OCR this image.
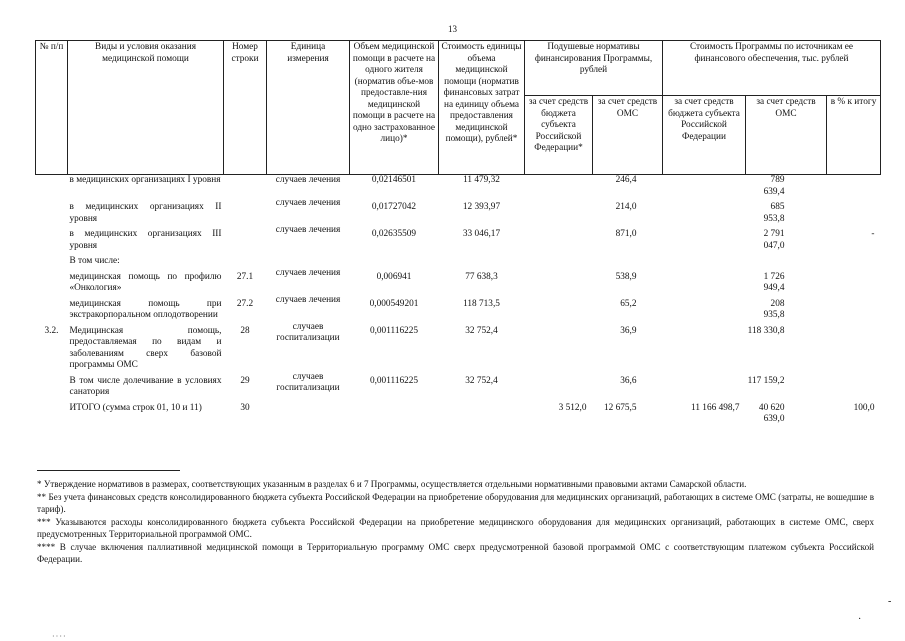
13
№ п/п	Виды и условия оказания медицинской помощи	Номер строки	Единица измерения	Объем медицинской помощи в расчете на одного жителя (норматив объе-мов предоставле-ния медицинской помощи в расчете на одно застрахованное лицо)*	Стоимость единицы объема медицинской помощи (норматив финансовых затрат на единицу объема предоставления медицинской помощи), рублей*	Подушевые нормативы финансирования Программы, рублей		Стоимость Программы по источникам ее финансового обеспечения, тыс. рублей		
						за счет средств бюджета субъекта Российской Федерации*	за счет средств ОМС	за счет средств бюджета субъекта Российской Федерации	за счет средств ОМС	в % к итогу
	в медицинских организациях I уровня		случаев лечения	0,02146501	11 479,32		246,4		789 639,4	
	в медицинских организациях II уровня		случаев лечения	0,01727042	12 393,97		214,0		685 953,8	
	в медицинских организациях III уровня		случаев лечения	0,02635509	33 046,17		871,0		2 791 047,0	-
	В том числе:									
	медицинская помощь по профилю «Онкология»	27.1	случаев лечения	0,006941	77 638,3		538,9		1 726 949,4	
	медицинская помощь при экстракорпоральном оплодотворении	27.2	случаев лечения	0,000549201	118 713,5		65,2		208 935,8	
3.2.	Медицинская помощь, предоставляемая по видам и заболеваниям сверх базовой программы ОМС	28	случаев госпитализации	0,001116225	32 752,4		36,9		118 330,8	
	В том числе долечивание в условиях санатория	29	случаев госпитализации	0,001116225	32 752,4		36,6		117 159,2	
	ИТОГО (сумма строк 01, 10 и 11)	30				3 512,0	12 675,5	11 166 498,7	40 620 639,0	100,0

* Утверждение нормативов в размерах, соответствующих указанным в разделах 6 и 7 Программы, осуществляется отдельными нормативными правовыми актами Самарской области.

** Без учета финансовых средств консолидированного бюджета субъекта Российской Федерации на приобретение оборудования для медицинских организаций, работающих в системе ОМС (затраты, не вошедшие в тариф).

*** Указываются расходы консолидированного бюджета субъекта Российской Федерации на приобретение медицинского оборудования для медицинских организаций, работающих в системе ОМС, сверх предусмотренных Территориальной программой ОМС.

**** В случае включения паллиативной медицинской помощи в Территориальную программу ОМС сверх предусмотренной базовой программой ОМС с соответствующим платежом субъекта Российской Федерации.

·
-
····
